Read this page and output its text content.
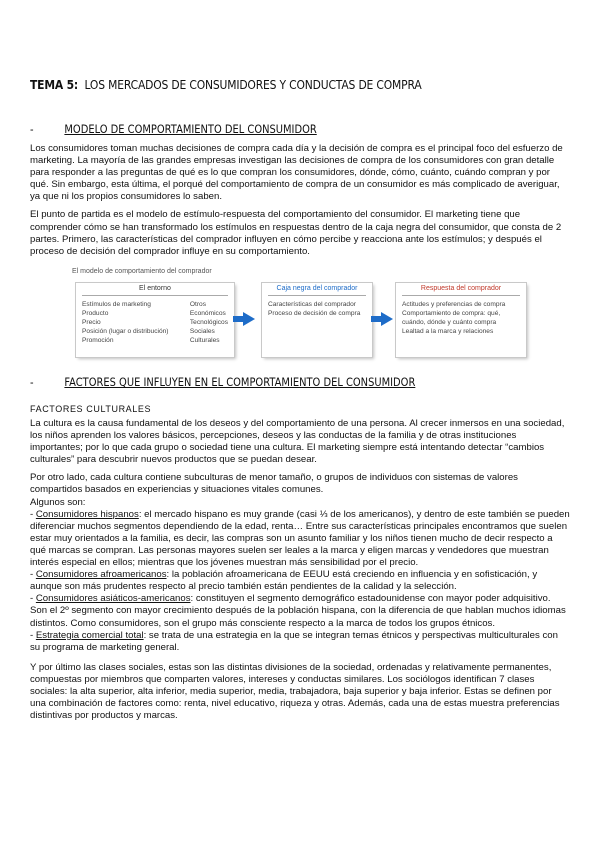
TEMA 5: LOS MERCADOS DE CONSUMIDORES Y CONDUCTAS DE COMPRA
-	MODELO DE COMPORTAMIENTO DEL CONSUMIDOR

Los consumidores toman muchas decisiones de compra cada día y la decisión de compra es el principal foco del esfuerzo de marketing. La mayoría de las grandes empresas investigan las decisiones de compra de los consumidores con gran detalle para responder a las preguntas de qué es lo que compran los consumidores, dónde, cómo, cuánto, cuándo compran y por qué. Sin embargo, esta última, el porqué del comportamiento de compra de un consumidor es más complicado de averiguar, ya que ni los propios consumidores lo saben.

El punto de partida es el modelo de estímulo-respuesta del comportamiento del consumidor. El marketing tiene que comprender cómo se han transformado los estímulos en respuestas dentro de la caja negra del consumidor, que consta de 2 partes. Primero, las características del comprador influyen en cómo percibe y reacciona ante los estímulos; y después el proceso de decisión del comprador influye en su comportamiento.

El modelo de comportamiento del comprador
El entorno
Estímulos de marketing
Producto
Precio
Posición (lugar o distribución)
Promoción
Otros
Económicos
Tecnológicos
Sociales
Culturales
Caja negra del comprador
Características del comprador
Proceso de decisión de compra
Respuesta del comprador
Actitudes y preferencias de compra
Comportamiento de compra: qué, cuándo, dónde y cuánto compra
Lealtad a la marca y relaciones
-	FACTORES QUE INFLUYEN EN EL COMPORTAMIENTO DEL CONSUMIDOR
FACTORES CULTURALES

La cultura es la causa fundamental de los deseos y del comportamiento de una persona. Al crecer inmersos en una sociedad, los niños aprenden los valores básicos, percepciones, deseos y las conductas de la familia y de otras instituciones importantes; por lo que cada grupo o sociedad tiene una cultura. El marketing siempre está intentando detectar “cambios culturales” para descubrir nuevos productos que se puedan desear.

Por otro lado, cada cultura contiene subculturas de menor tamaño, o grupos de individuos con sistemas de valores compartidos basados en experiencias y situaciones vitales comunes.
Algunos son:
- Consumidores hispanos: el mercado hispano es muy grande (casi ⅓ de los americanos), y dentro de este también se pueden diferenciar muchos segmentos dependiendo de la edad, renta… Entre sus características principales encontramos que suelen estar muy orientados a la familia, es decir, las compras son un asunto familiar y los niños tienen mucho de decir respecto a qué marcas se compran. Las personas mayores suelen ser leales a la marca y eligen marcas y vendedores que muestran interés especial en ellos; mientras que los jóvenes muestran más sensibilidad por el precio.
- Consumidores afroamericanos: la población afroamericana de EEUU está creciendo en influencia y en sofisticación, y aunque son más prudentes respecto al precio también están pendientes de la calidad y la selección.
- Consumidores asiáticos-americanos: constituyen el segmento demográfico estadounidense con mayor poder adquisitivo. Son el 2º segmento con mayor crecimiento después de la población hispana, con la diferencia de que hablan muchos idiomas distintos. Como consumidores, son el grupo más consciente respecto a la marca de todos los grupos étnicos.

- Estrategia comercial total: se trata de una estrategia en la que se integran temas étnicos y perspectivas multiculturales con su programa de marketing general.

Y por último las clases sociales, estas son las distintas divisiones de la sociedad, ordenadas y relativamente permanentes, compuestas por miembros que comparten valores, intereses y conductas similares. Los sociólogos identifican 7 clases sociales: la alta superior, alta inferior, media superior, media, trabajadora, baja superior y baja inferior. Estas se definen por una combinación de factores como: renta, nivel educativo, riqueza y otras. Además, cada una de estas muestra preferencias distintivas por productos y marcas.
